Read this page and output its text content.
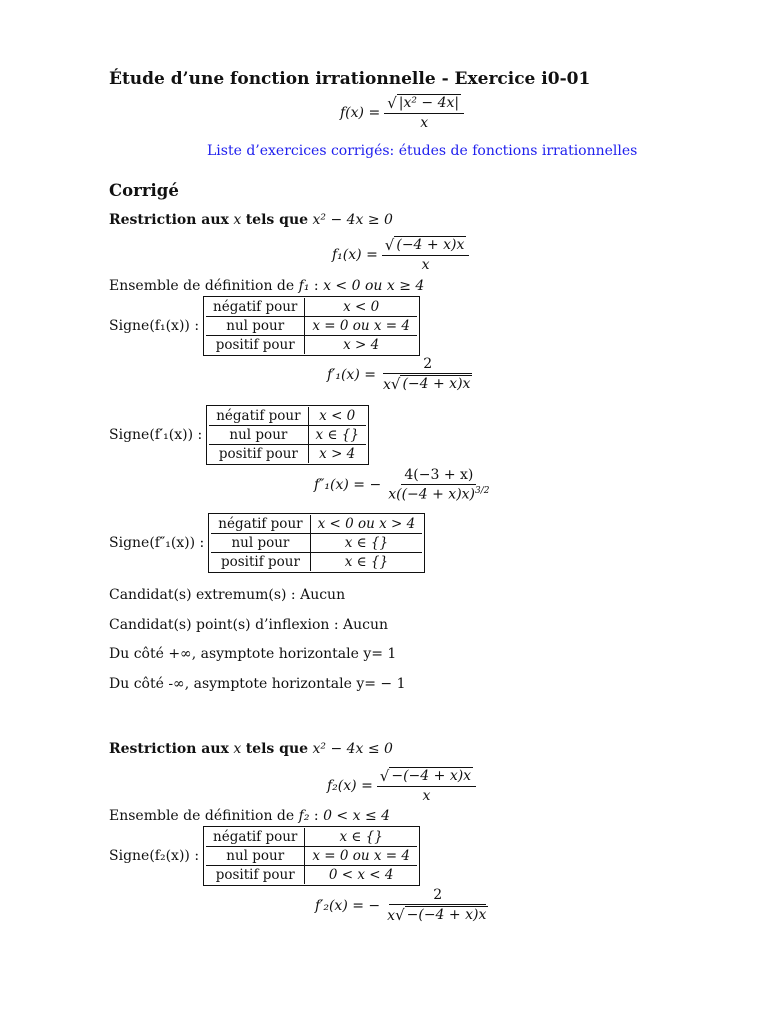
Étude d’une fonction irrationnelle - Exercice i0-01
$f(x) = \frac{\text{√ |x² − 4x|}}{x}$
Liste d’exercices corrigés: études de fonctions irrationnelles
Corrigé
Restriction aux x tels que x² − 4x ≥ 0
$f_1(x) = \frac{√ (-4 + x)x}{x}$
Ensemble de définition de f₁ : x < 0 ou x ≥ 4
Signe(f₁(x)) :
négatif pour	x < 0
nul pour	x = 0 ou x = 4
positif pour	x > 4
$f'_1(x) = \frac{2}{x √ (-4 + x)x}$
Signe(f′₁(x)) :
négatif pour	x < 0
nul pour	x ∈ {}
positif pour	x > 4
f″₁(x) = − $\frac{4(-3 + x)}{x((-4 + x)x)^{3/2}}$
Signe(f″₁(x)) :
négatif pour	x < 0 ou x > 4
nul pour	x ∈ {}
positif pour	x ∈ {}
Candidat(s) extremum(s) : Aucun
Candidat(s) point(s) d’inflexion : Aucun
Du côté +∞, asymptote horizontale y= 1
Du côté -∞, asymptote horizontale y= − 1
Restriction aux x tels que x² − 4x ≤ 0
$f_2(x) = \frac{√ -(-4 + x)x}{x}$
Ensemble de définition de f₂ : 0 < x ≤ 4
Signe(f₂(x)) :
négatif pour	x ∈ {}
nul pour	x = 0 ou x = 4
positif pour	0 < x < 4
f′₂(x) = − $\frac{2}{x √ -(-4 + x)x}$
